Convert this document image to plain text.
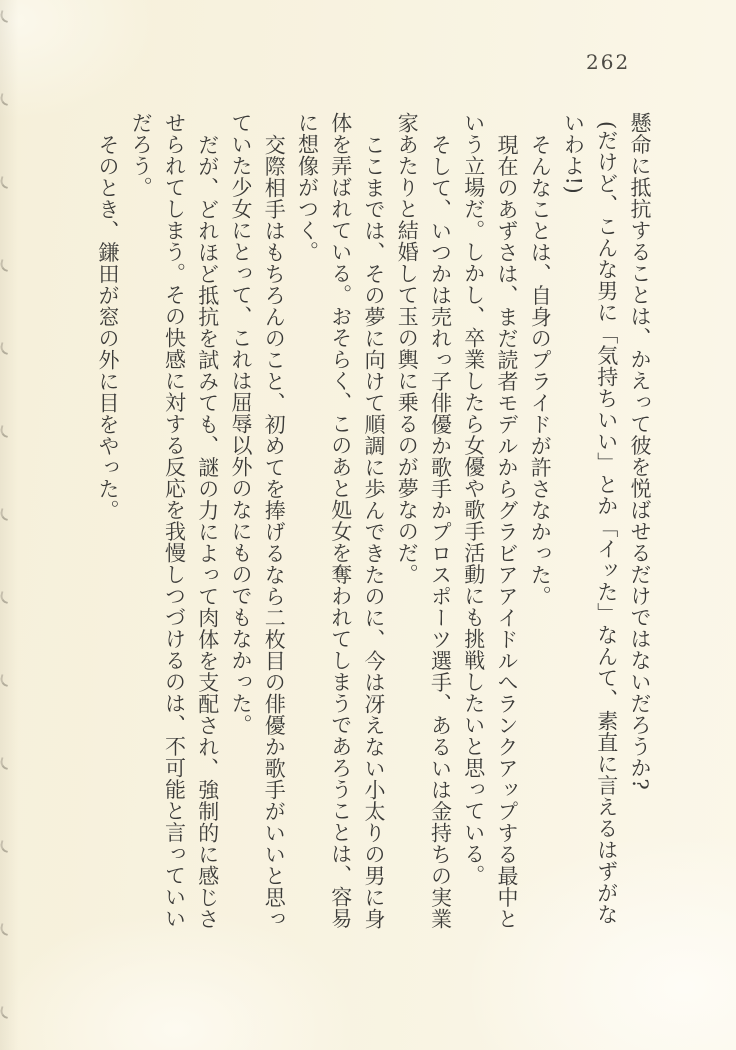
262
懸命に抵抗することは、かえって彼を悦ばせるだけではないだろうか?
(だけど、こんな男に「気持ちいい」とか「イッた」なんて、素直に言えるはずがな
いわよ!)
そんなことは、自身のプライドが許さなかった。
現在のあずさは、まだ読者モデルからグラビアアイドルへランクアップする最中と
いう立場だ。しかし、卒業したら女優や歌手活動にも挑戦したいと思っている。
そして、いつかは売れっ子俳優か歌手かプロスポーツ選手、あるいは金持ちの実業
家あたりと結婚して玉の輿に乗るのが夢なのだ。
ここまでは、その夢に向けて順調に歩んできたのに、今は冴えない小太りの男に身
体を弄ばれている。おそらく、このあと処女を奪われてしまうであろうことは、容易
に想像がつく。
交際相手はもちろんのこと、初めてを捧げるなら二枚目の俳優か歌手がいいと思っ
ていた少女にとって、これは屈辱以外のなにものでもなかった。
だが、どれほど抵抗を試みても、謎の力によって肉体を支配され、強制的に感じさ
せられてしまう。その快感に対する反応を我慢しつづけるのは、不可能と言っていい
だろう。
そのとき、鎌田が窓の外に目をやった。
